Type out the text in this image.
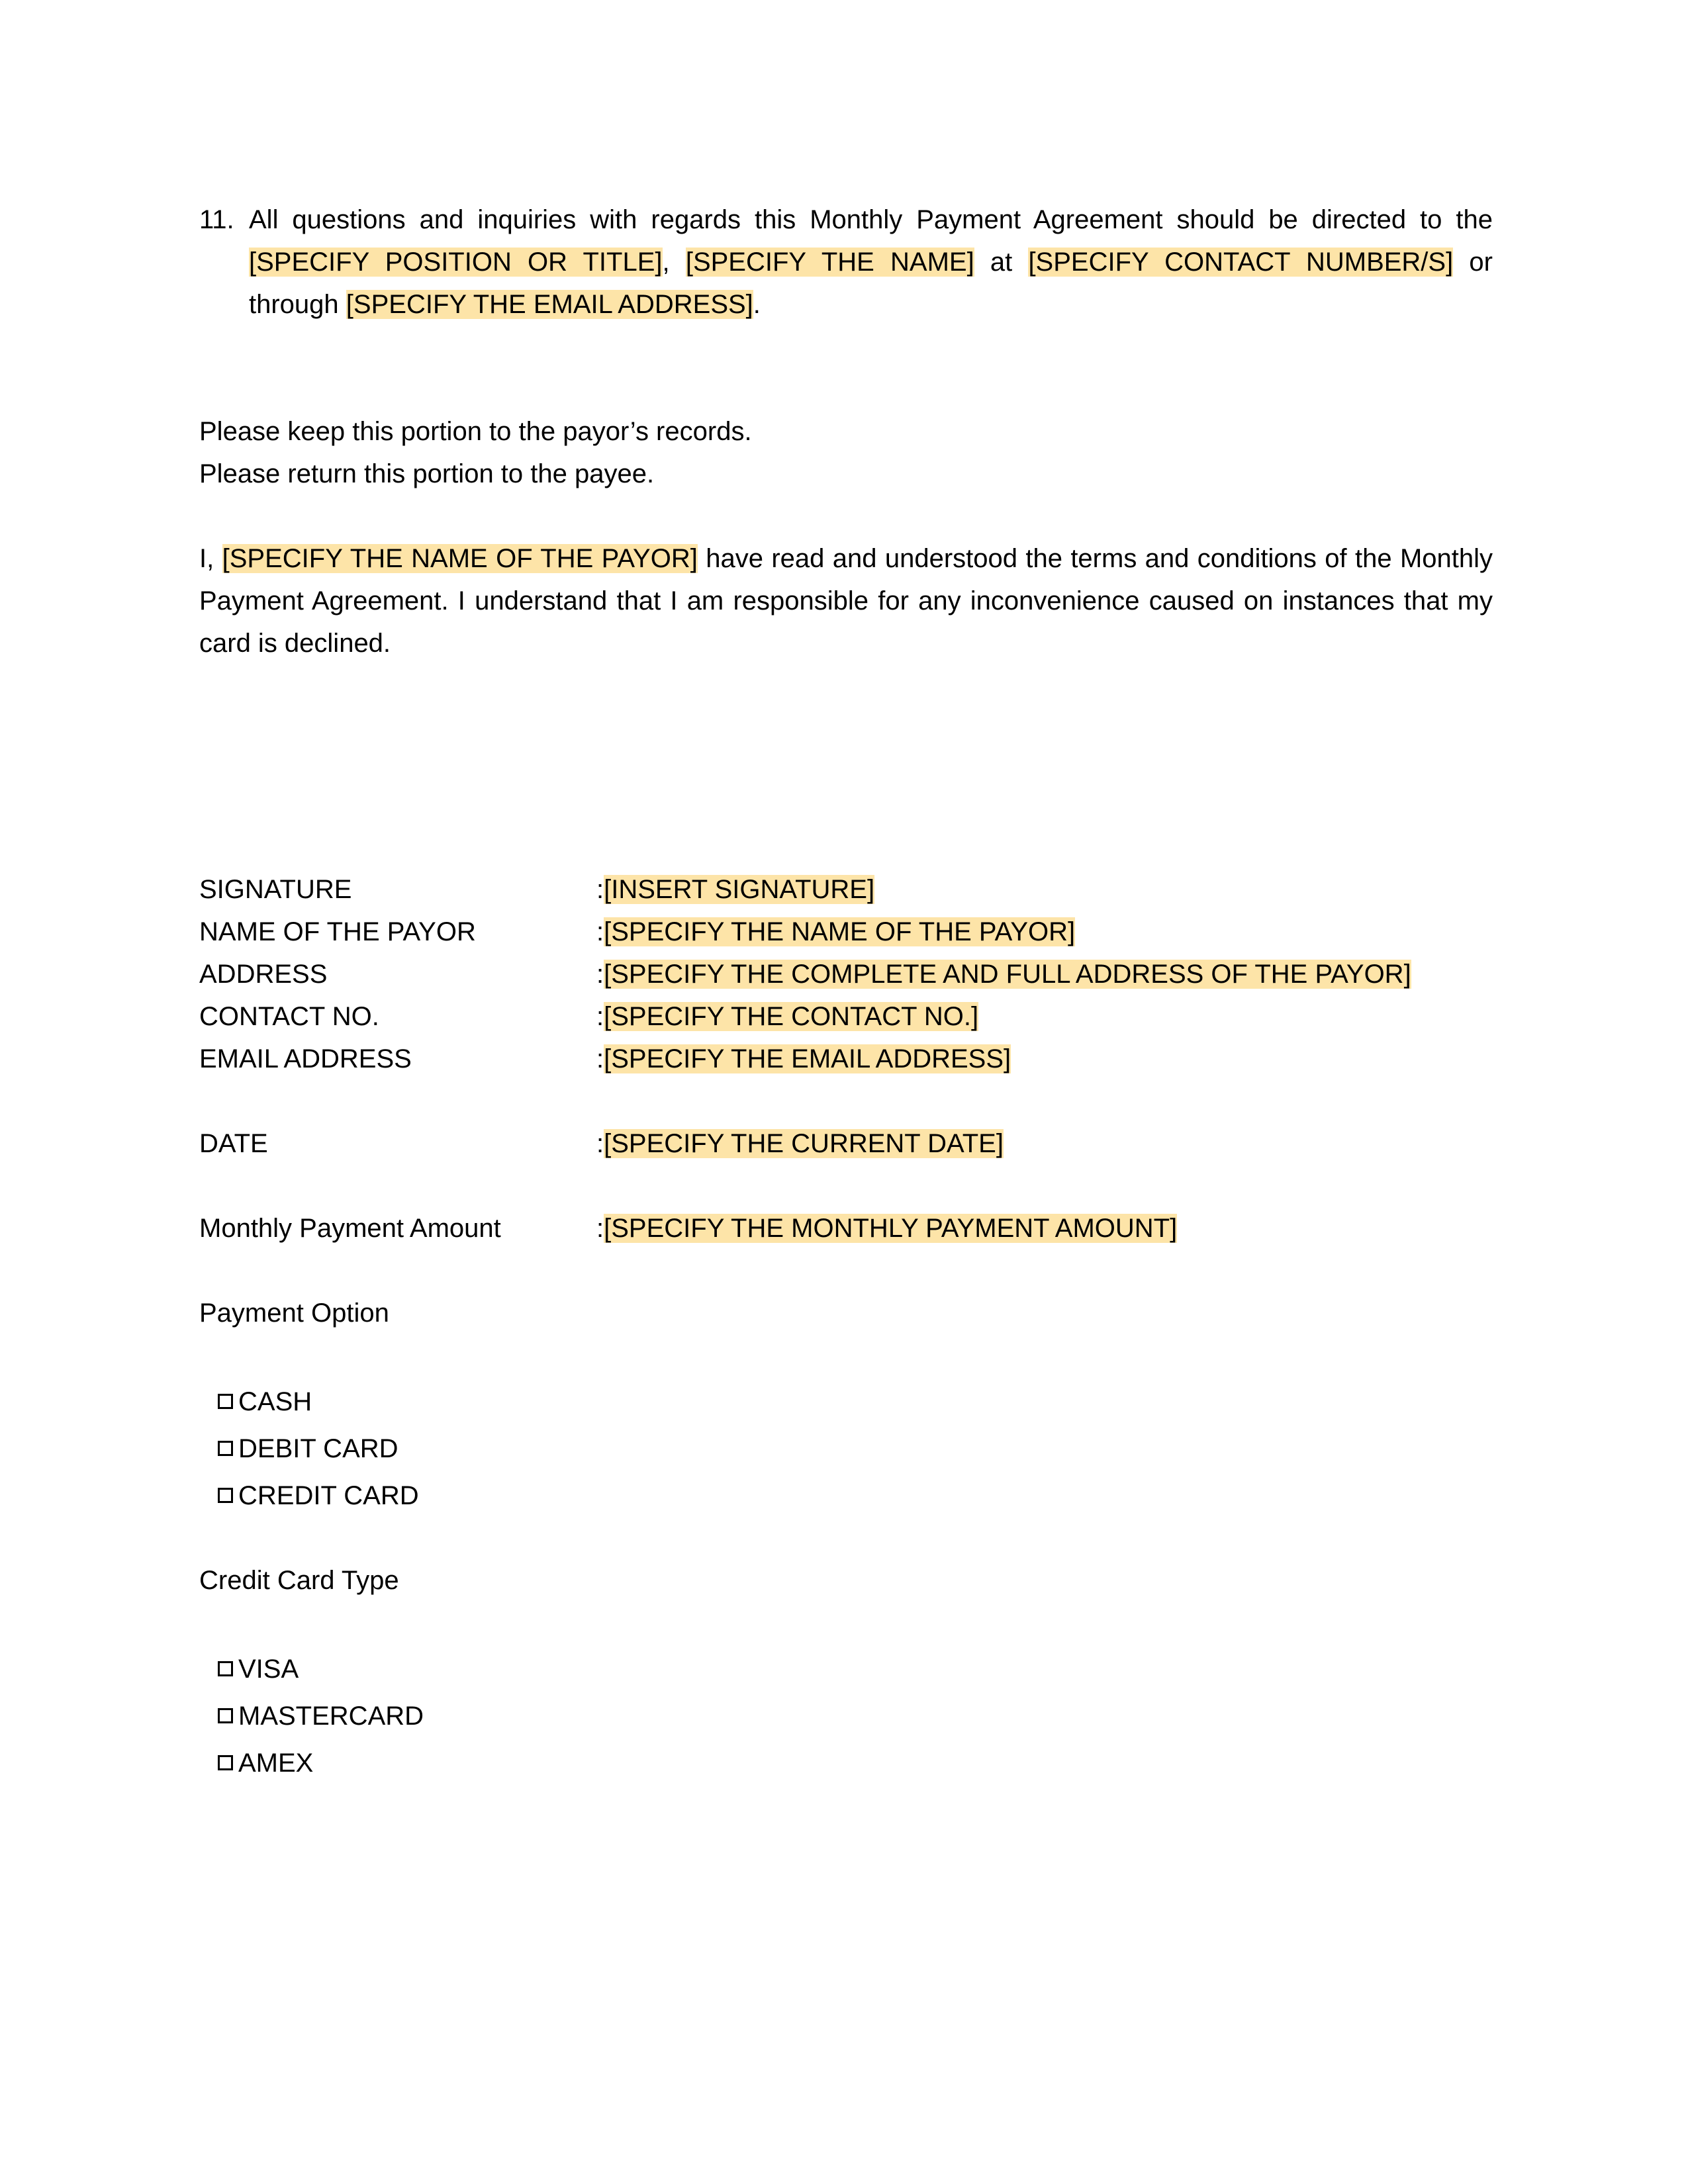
11. All questions and inquiries with regards this Monthly Payment Agreement should be directed to the [SPECIFY POSITION OR TITLE], [SPECIFY THE NAME] at [SPECIFY CONTACT NUMBER/S] or through [SPECIFY THE EMAIL ADDRESS].
Please keep this portion to the payor’s records.
Please return this portion to the payee.
I, [SPECIFY THE NAME OF THE PAYOR] have read and understood the terms and conditions of the Monthly Payment Agreement. I understand that I am responsible for any inconvenience caused on instances that my card is declined.
SIGNATURE	:[INSERT SIGNATURE]
NAME OF THE PAYOR	:[SPECIFY THE NAME OF THE PAYOR]
ADDRESS	:[SPECIFY THE COMPLETE AND FULL ADDRESS OF THE PAYOR]
CONTACT NO.	:[SPECIFY THE CONTACT NO.]
EMAIL ADDRESS	:[SPECIFY THE EMAIL ADDRESS]
DATE	:[SPECIFY THE CURRENT DATE]
Monthly Payment Amount	:[SPECIFY THE MONTHLY PAYMENT AMOUNT]
Payment Option
CASH
DEBIT CARD
CREDIT CARD
Credit Card Type
VISA
MASTERCARD
AMEX
